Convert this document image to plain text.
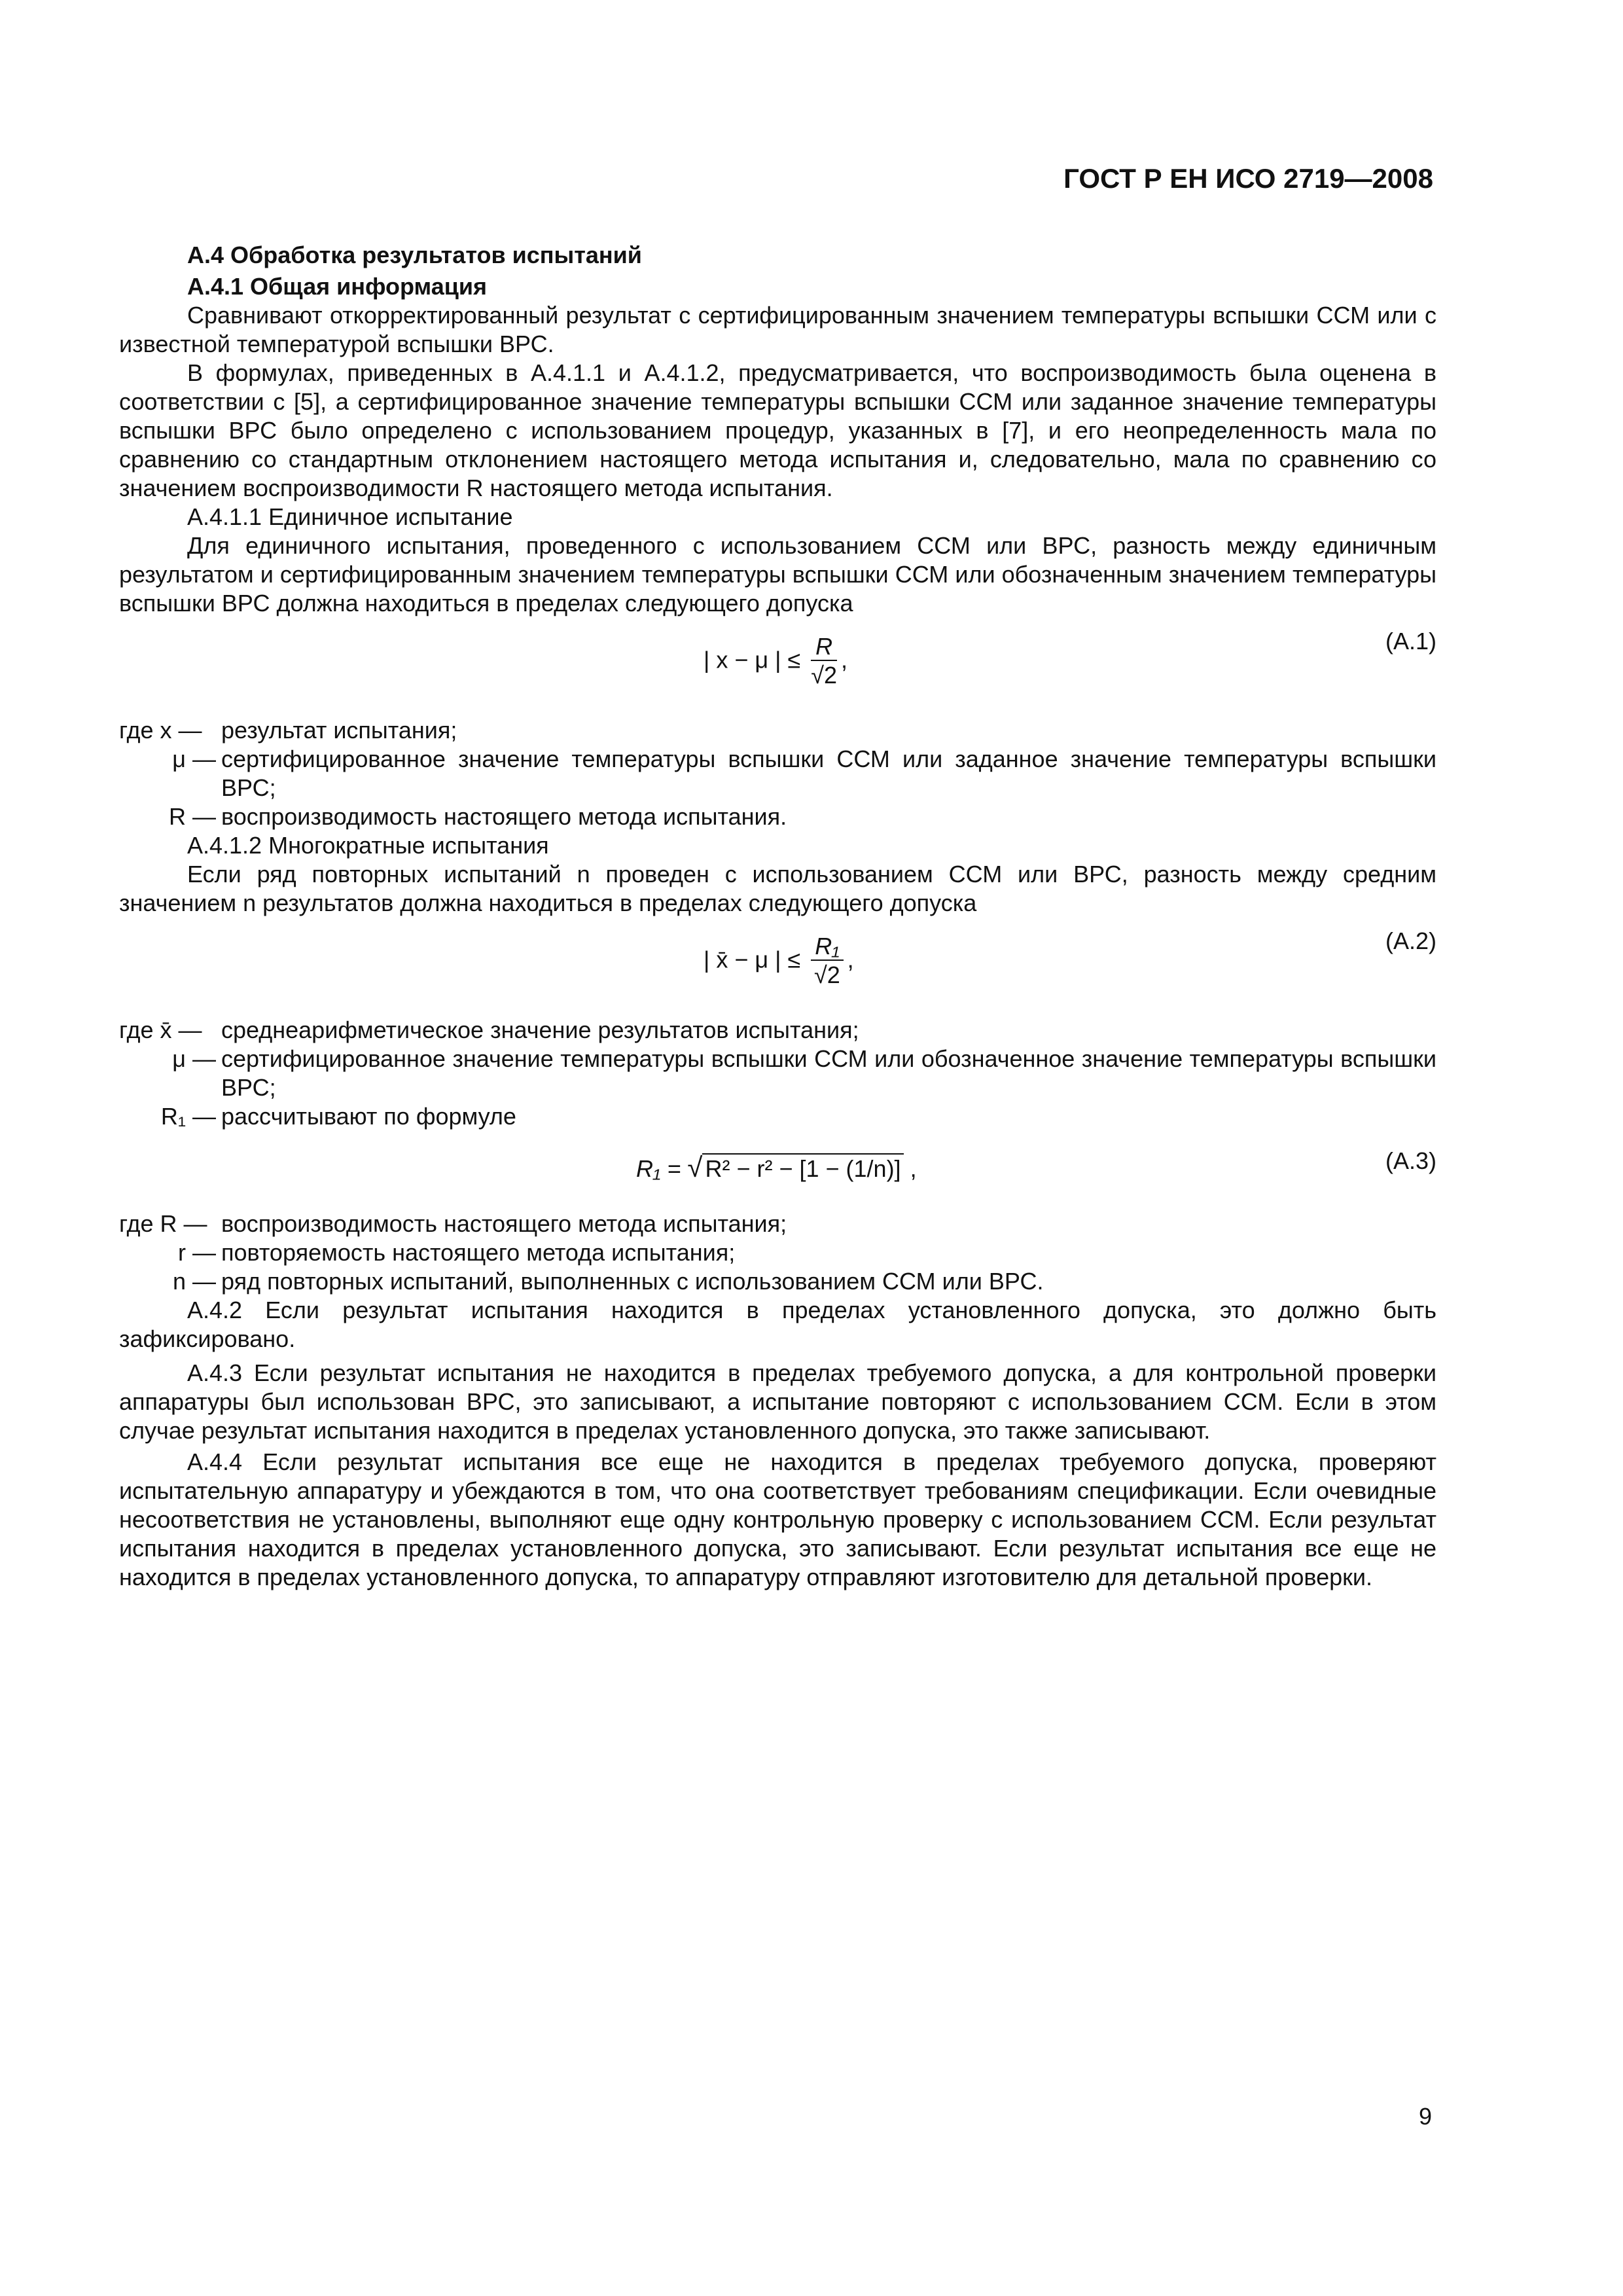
ГОСТ Р ЕН ИСО 2719—2008

А.4 Обработка результатов испытаний

А.4.1 Общая информация

Сравнивают откорректированный результат с сертифицированным значением температуры вспышки ССМ или с известной температурой вспышки ВРС.

В формулах, приведенных в А.4.1.1 и А.4.1.2, предусматривается, что воспроизводимость была оценена в соответствии с [5], а сертифицированное значение температуры вспышки ССМ или заданное значение температуры вспышки ВРС было определено с использованием процедур, указанных в [7], и его неопределенность мала по сравнению со стандартным отклонением настоящего метода испытания и, следовательно, мала по сравнению со значением воспроизводимости R настоящего метода испытания.

А.4.1.1 Единичное испытание

Для единичного испытания, проведенного с использованием ССМ или ВРС, разность между единичным результатом и сертифицированным значением температуры вспышки ССМ или обозначенным значением температуры вспышки ВРС должна находиться в пределах следующего допуска

| x − μ | ≤ $\frac{R}{√2}$ ,
(А.1)
где x — результат испытания;

μ — сертифицированное значение температуры вспышки ССМ или заданное значение температуры вспышки ВРС;

R — воспроизводимость настоящего метода испытания.

А.4.1.2 Многократные испытания

Если ряд повторных испытаний n проведен с использованием ССМ или ВРС, разность между средним значением n результатов должна находиться в пределах следующего допуска

| x̄ − μ | ≤ $\frac{\text{R₁}}{√2}$ ,
(А.2)
где x̄ — среднеарифметическое значение результатов испытания;

μ — сертифицированное значение температуры вспышки ССМ или обозначенное значение температуры вспышки ВРС;

R₁ — рассчитывают по формуле

R₁ = √ R² − r² − [1 − (1/n)] ,	(А.3)
где R — воспроизводимость настоящего метода испытания;

r — повторяемость настоящего метода испытания;

n — ряд повторных испытаний, выполненных с использованием ССМ или ВРС.

А.4.2 Если результат испытания находится в пределах установленного допуска, это должно быть зафиксировано.

А.4.3 Если результат испытания не находится в пределах требуемого допуска, а для контрольной проверки аппаратуры был использован ВРС, это записывают, а испытание повторяют с использованием ССМ. Если в этом случае результат испытания находится в пределах установленного допуска, это также записывают.

А.4.4 Если результат испытания все еще не находится в пределах требуемого допуска, проверяют испытательную аппаратуру и убеждаются в том, что она соответствует требованиям спецификации. Если очевидные несоответствия не установлены, выполняют еще одну контрольную проверку с использованием ССМ. Если результат испытания находится в пределах установленного допуска, это записывают. Если результат испытания все еще не находится в пределах установленного допуска, то аппаратуру отправляют изготовителю для детальной проверки.

9
